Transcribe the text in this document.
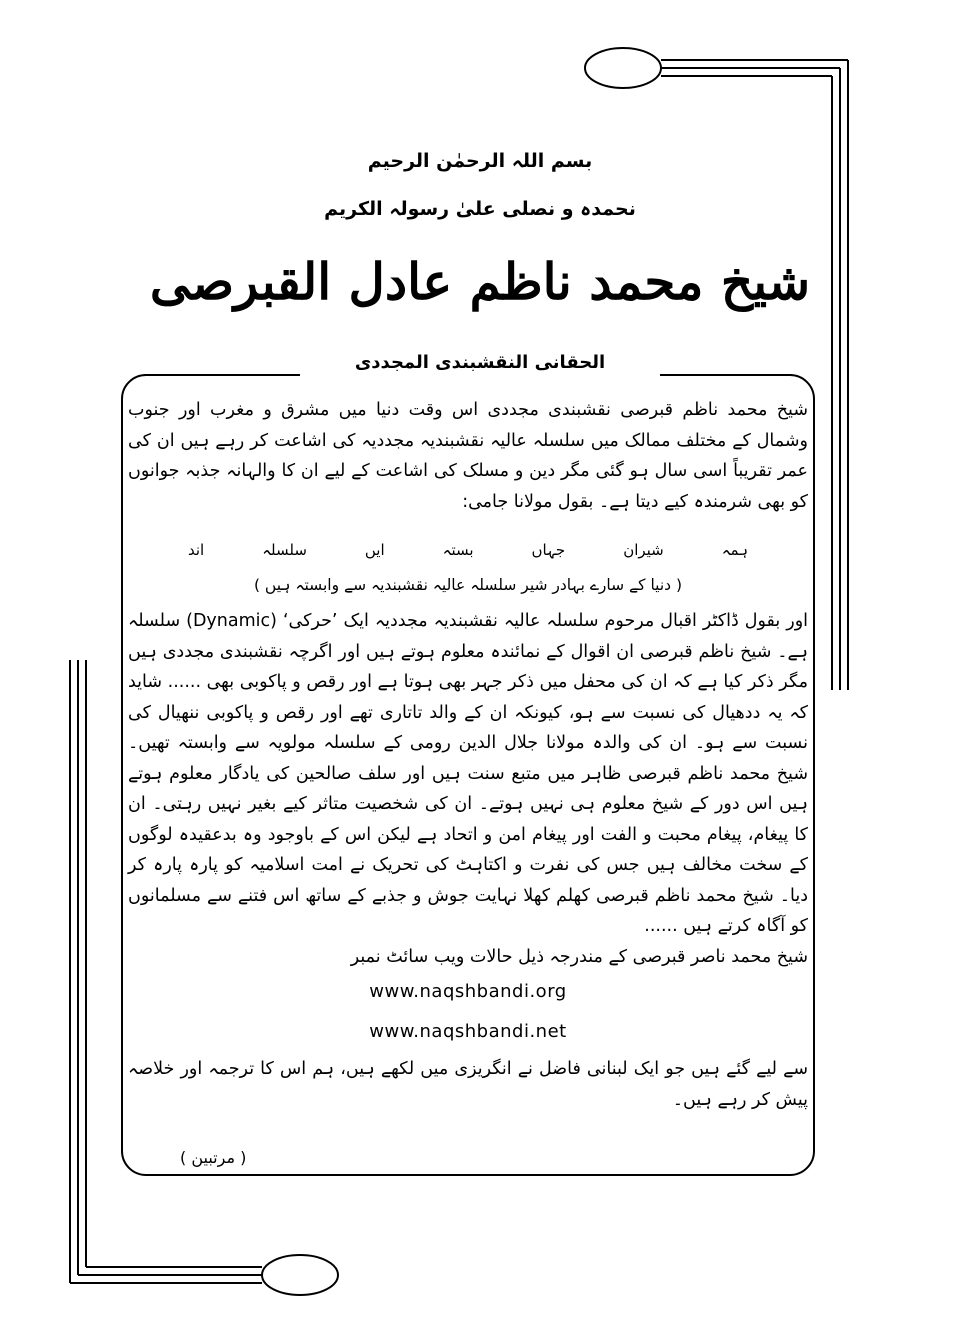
بسم اللہ الرحمٰن الرحیم
نحمدہ و نصلی علیٰ رسولہ الکریم
شیخ محمد ناظم عادل القبرصی
الحقانی النقشبندی المجددی

شیخ محمد ناظم قبرصی نقشبندی مجددی اس وقت دنیا میں مشرق و مغرب اور جنوب وشمال کے مختلف ممالک میں سلسلہ عالیہ نقشبندیہ مجددیہ کی اشاعت کر رہے ہیں ان کی عمر تقریباً اسی سال ہو گئی مگر دین و مسلک کی اشاعت کے لیے ان کا والہانہ جذبہ جوانوں کو بھی شرمندہ کیے دیتا ہے۔ بقول مولانا جامی:

ہمہ
شیران
جہاں
بستہ
ایں
سلسلہ
اند
( دنیا کے سارے بہادر شیر سلسلہ عالیہ نقشبندیہ سے وابستہ ہیں )

اور بقول ڈاکٹر اقبال مرحوم سلسلہ عالیہ نقشبندیہ مجددیہ ایک ’حرکی‘ (Dynamic) سلسلہ ہے۔ شیخ ناظم قبرصی ان اقوال کے نمائندہ معلوم ہوتے ہیں اور اگرچہ نقشبندی مجددی ہیں مگر ذکر کیا ہے کہ ان کی محفل میں ذکر جہر بھی ہوتا ہے اور رقص و پاکوبی بھی ...... شاید کہ یہ ددھیال کی نسبت سے ہو، کیونکہ ان کے والد تاتاری تھے اور رقص و پاکوبی ننھیال کی نسبت سے ہو۔ ان کی والدہ مولانا جلال الدین رومی کے سلسلہ مولویہ سے وابستہ تھیں۔ شیخ محمد ناظم قبرصی ظاہر میں متبع سنت ہیں اور سلف صالحین کی یادگار معلوم ہوتے ہیں اس دور کے شیخ معلوم ہی نہیں ہوتے۔ ان کی شخصیت متاثر کیے بغیر نہیں رہتی۔ ان کا پیغام، پیغام محبت و الفت اور پیغام امن و اتحاد ہے لیکن اس کے باوجود وہ بدعقیدہ لوگوں کے سخت مخالف ہیں جس کی نفرت و اکتاہٹ کی تحریک نے امت اسلامیہ کو پارہ پارہ کر دیا۔ شیخ محمد ناظم قبرصی کھلم کھلا نہایت جوش و جذبے کے ساتھ اس فتنے سے مسلمانوں کو آگاہ کرتے ہیں ......

شیخ محمد ناصر قبرصی کے مندرجہ ذیل حالات ویب سائٹ نمبر

www.naqshbandi.org
www.naqshbandi.net

سے لیے گئے ہیں جو ایک لبنانی فاضل نے انگریزی میں لکھے ہیں، ہم اس کا ترجمہ اور خلاصہ پیش کر رہے ہیں۔

( مرتبین )
